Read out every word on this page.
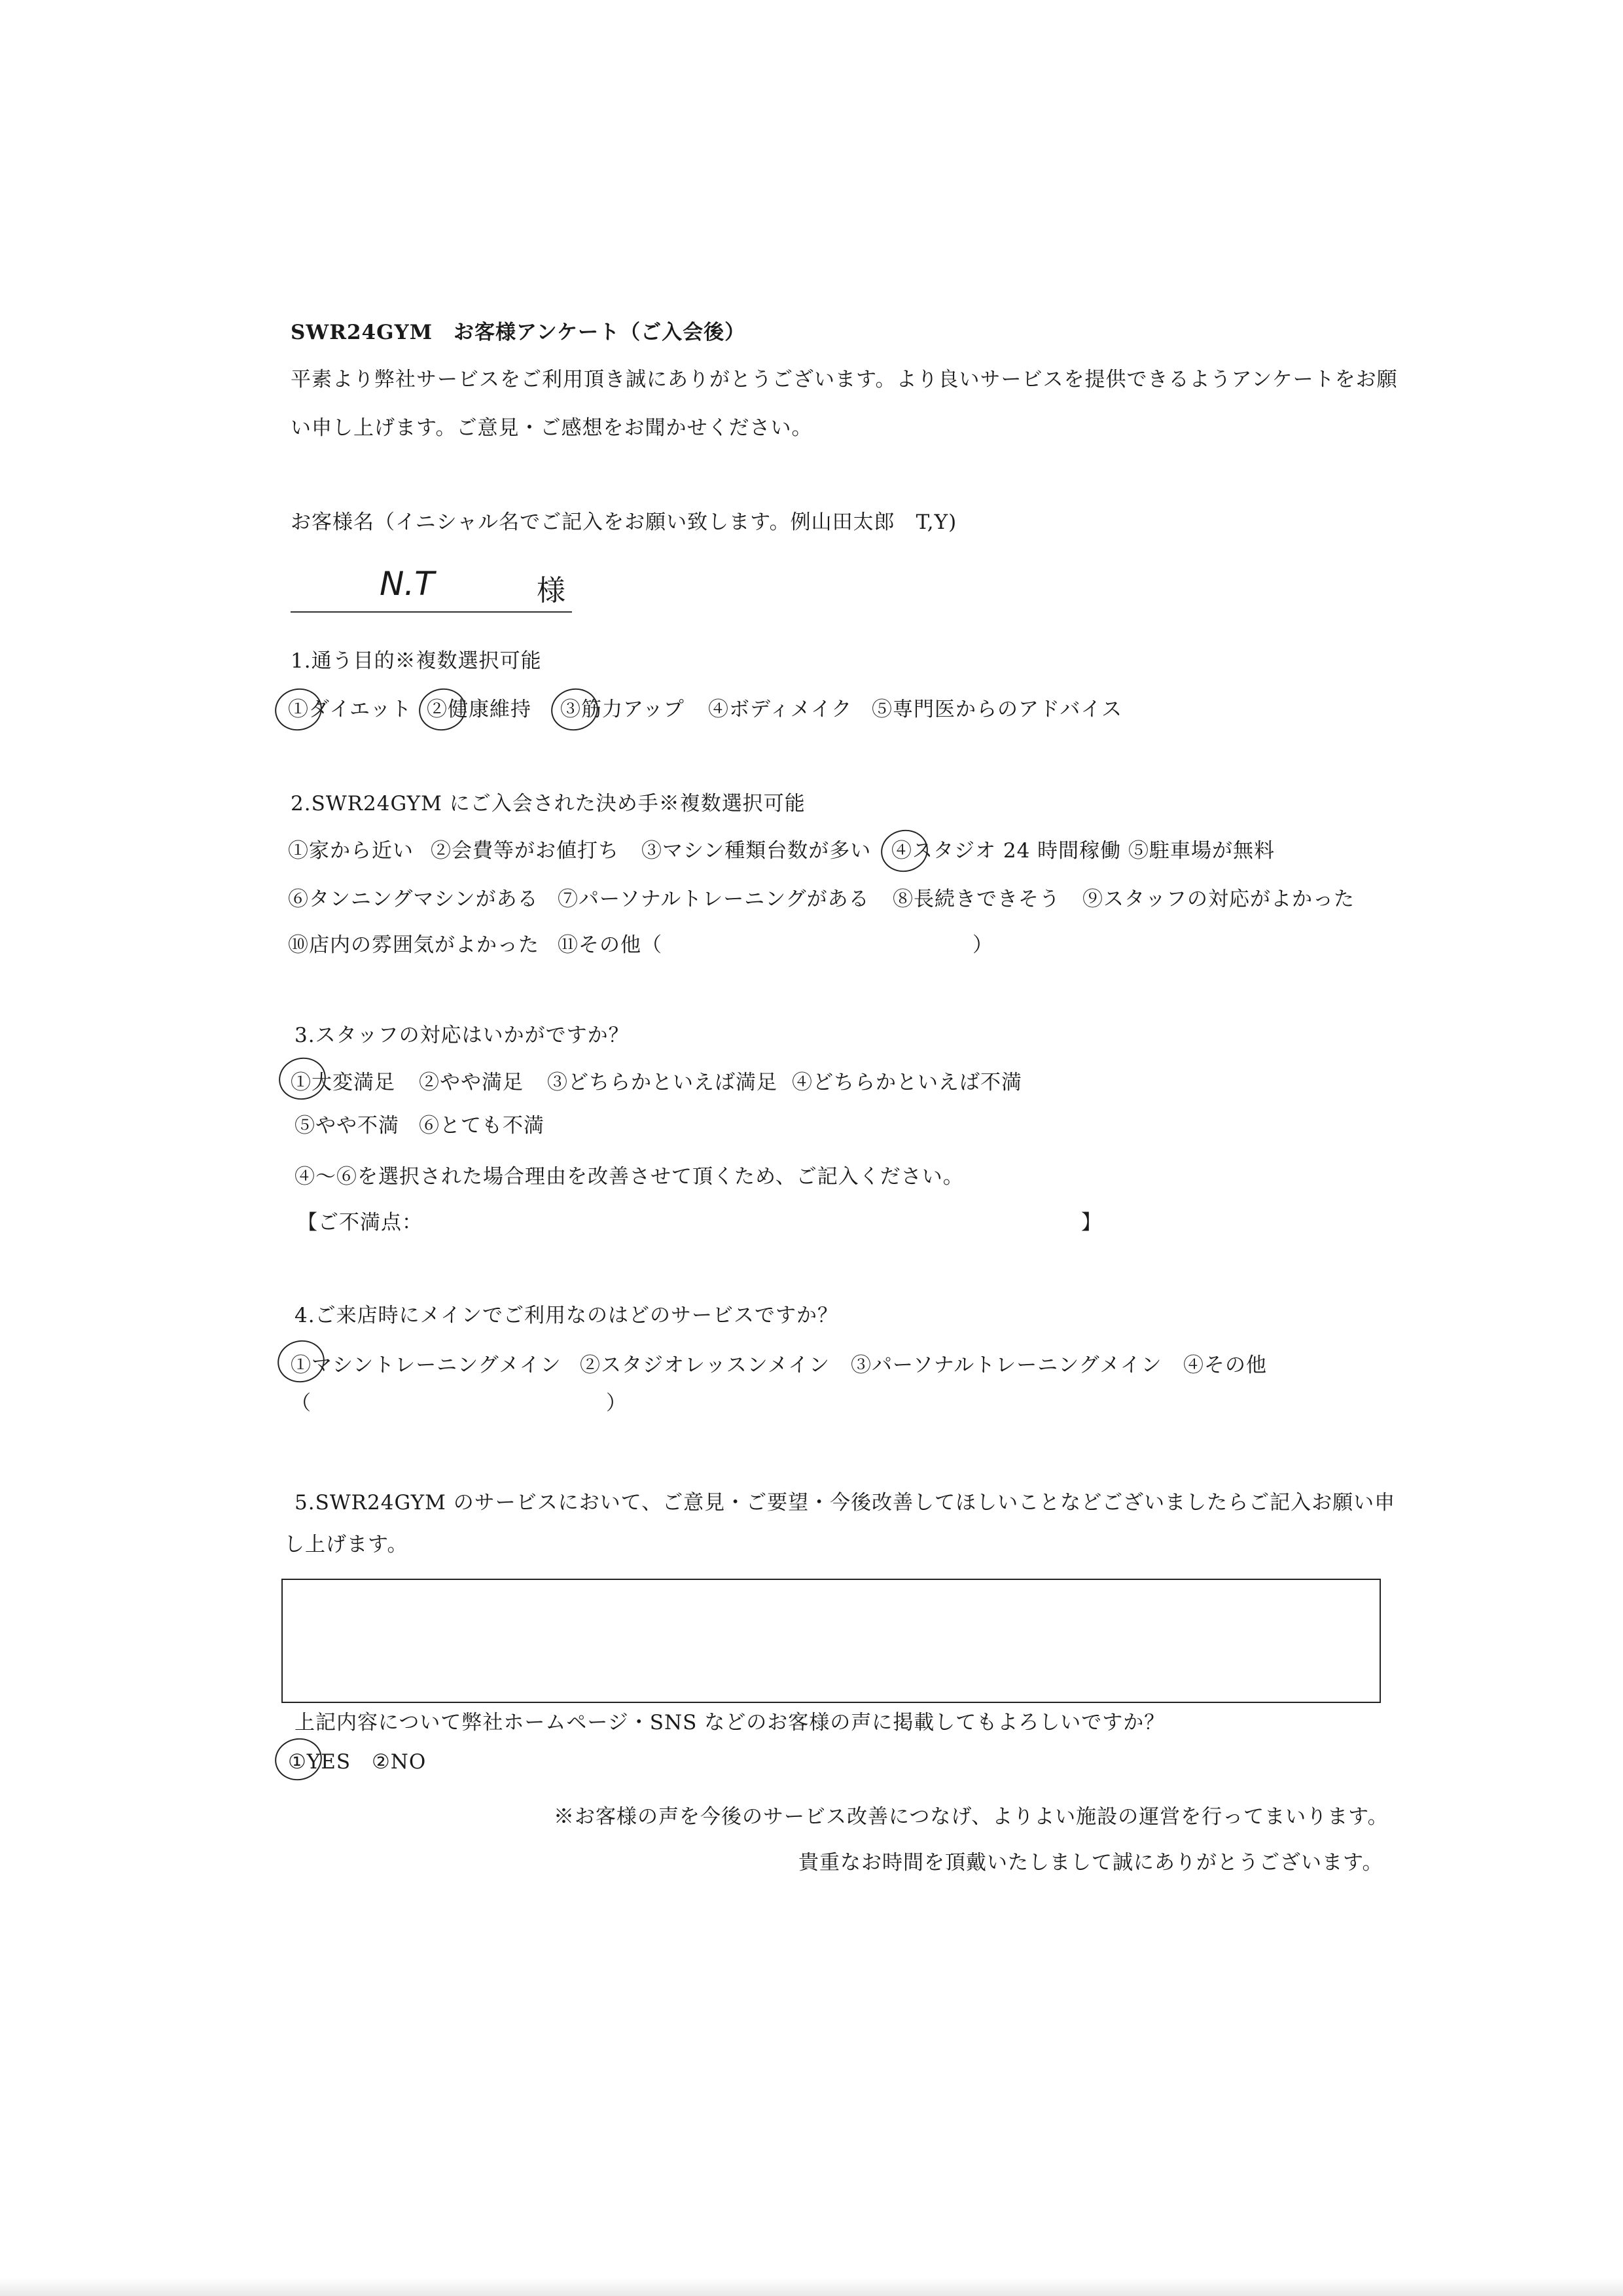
SWR24GYM　お客様アンケート（ご入会後）
平素より弊社サービスをご利用頂き誠にありがとうございます。より良いサービスを提供できるようアンケートをお願
い申し上げます。ご意見・ご感想をお聞かせください。
お客様名（イニシャル名でご記入をお願い致します。例山田太郎　T,Y)
N.T	様
1.通う目的※複数選択可能
①ダイエット ②健康維持 ③筋力アップ ④ボディメイク ⑤専門医からのアドバイス
2.SWR24GYM にご入会された決め手※複数選択可能
①家から近い ②会費等がお値打ち ③マシン種類台数が多い ④スタジオ 24 時間稼働 ⑤駐車場が無料
⑥タンニングマシンがある ⑦パーソナルトレーニングがある ⑧長続きできそう ⑨スタッフの対応がよかった
⑩店内の雰囲気がよかった ⑪その他（	）
3.スタッフの対応はいかがですか？
①大変満足 ②やや満足 ③どちらかといえば満足 ④どちらかといえば不満
⑤やや不満 ⑥とても不満
④～⑥を選択された場合理由を改善させて頂くため、ご記入ください。
【ご不満点：	】
4.ご来店時にメインでご利用なのはどのサービスですか？
①マシントレーニングメイン ②スタジオレッスンメイン ③パーソナルトレーニングメイン ④その他
（	）
5.SWR24GYM のサービスにおいて、ご意見・ご要望・今後改善してほしいことなどございましたらご記入お願い申
し上げます。
上記内容について弊社ホームページ・SNS などのお客様の声に掲載してもよろしいですか？
①YES ②NO
※お客様の声を今後のサービス改善につなげ、よりよい施設の運営を行ってまいります。
貴重なお時間を頂戴いたしまして誠にありがとうございます。
